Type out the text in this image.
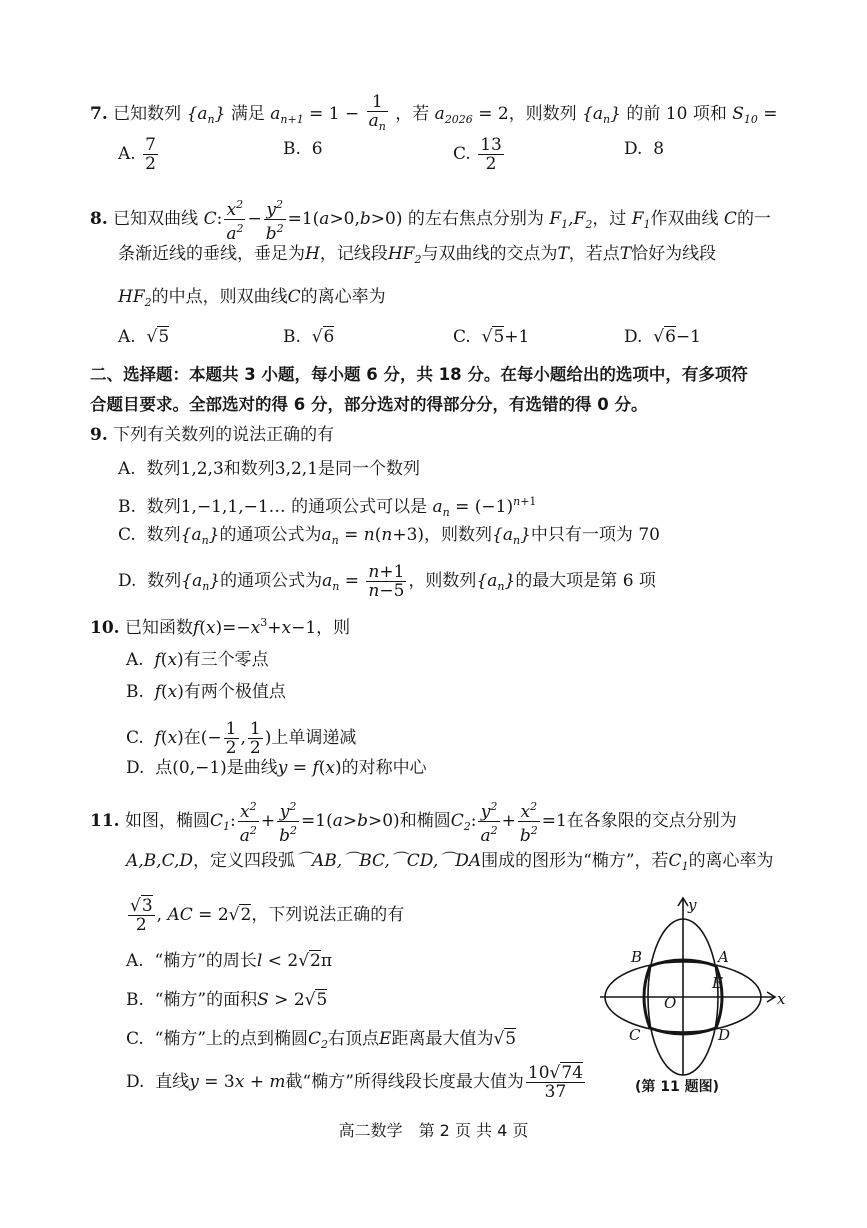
7. 已知数列 $\{a_n\}$ 满足 $a_{n+1} = 1 - \frac{1}{a_n}$ ，若 $a_{2026} = 2$，则数列 $\{a_n\}$ 的前 10 项和 $S_{10}$ =
A. $\frac{7}{2}$	B. 6	C. $\frac{13}{2}$	D. 8
8. 已知双曲线 C: $\frac{x^2}{a^2} - \frac{y^2}{b^2} =1(a>0,b>0)$ 的左右焦点分别为 $F_1,F_2$，过 $F_1$作双曲线 C的一
条渐近线的垂线，垂足为H，记线段$HF_2$与双曲线的交点为T，若点T恰好为线段
$HF_2$的中点，则双曲线C的离心率为
A.  √5	B.  √6	C.  √5+1	D.  √6−1
二、选择题：本题共 3 小题，每小题 6 分，共 18 分。在每小题给出的选项中，有多项符
合题目要求。全部选对的得 6 分，部分选对的得部分分，有选错的得 0 分。
9. 下列有关数列的说法正确的有
A. 数列1,2,3和数列3,2,1是同一个数列
B. 数列1,−1,1,−1… 的通项公式可以是 $a_n = (-1)^{n+1}$
C. 数列$\{a_n\}$的通项公式为$a_n = n(n+3)$，则数列$\{a_n\}$中只有一项为 70
D. 数列$\{a_n\}$的通项公式为$a_n = \frac{n+1}{n-5}$ ，则数列$\{a_n\}$的最大项是第 6 项
10. 已知函数$f(x)=-x^3+x-1$，则
A. f(x)有三个零点
B. f(x)有两个极值点
C. f(x)在(− $\frac{1}{2}$ , $\frac{1}{2}$ )上单调递减
D. 点(0,−1)是曲线y = f(x)的对称中心
11. 如图，椭圆$C_1$: $\frac{x^2}{a^2} + \frac{y^2}{b^2} =1(a>b>0)$和椭圆$C_2$: $\frac{y^2}{a^2} + \frac{x^2}{b^2} =1$在各象限的交点分别为
A,B,C,D，定义四段弧⌒AB,⌒BC,⌒CD,⌒DA围成的图形为“椭方”，若$C_1$的离心率为
$\frac{√3}{2}$ , AC = 2√2，下列说法正确的有
A. “椭方”的周长l < 2√2π
B. “椭方”的面积S > 2√5
C. “椭方”上的点到椭圆$C_2$右顶点E距离最大值为√5
D. 直线y = 3x + m截“椭方”所得线段长度最大值为 $\frac{10√74}{37}$
y
x
A
B
C	D
E
O
(第 11 题图)
高二数学　第 2 页 共 4 页
